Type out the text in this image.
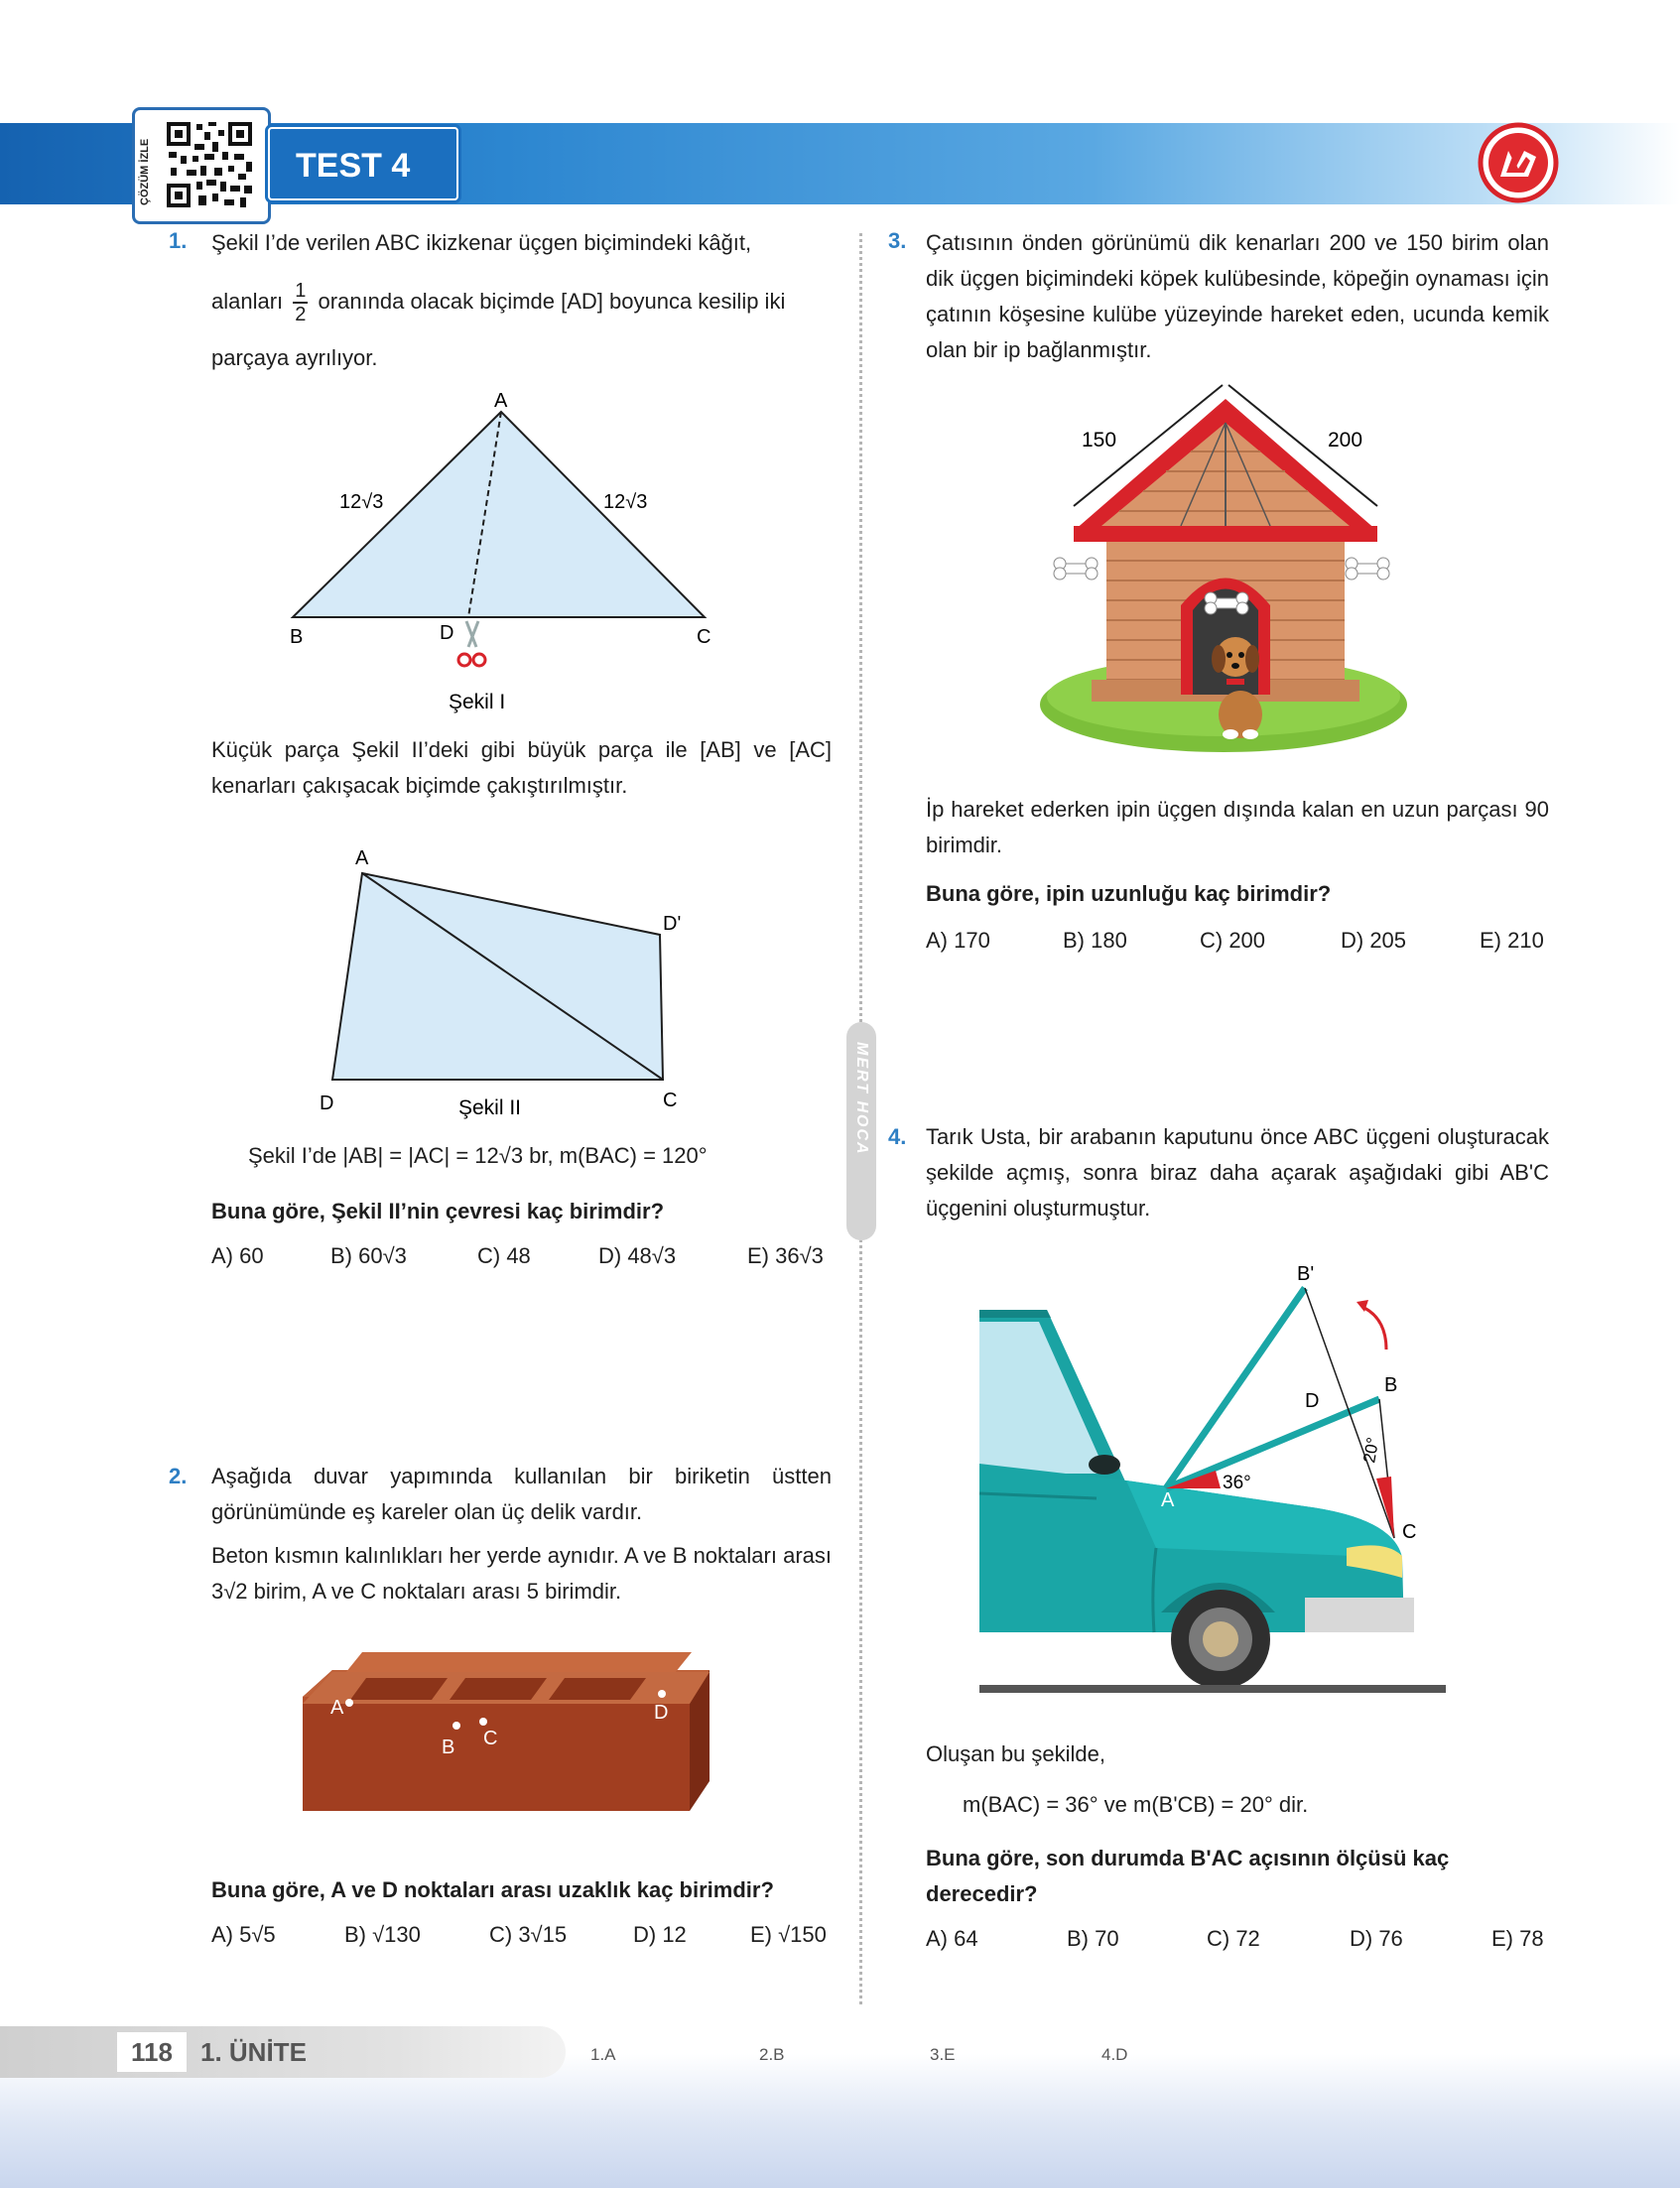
ÇÖZÜM İZLE	TEST 4
MERT HOCA
1. Şekil I’de verilen ABC ikizkenar üçgen biçimindeki kâğıt,
alanları $\frac{1}{2}$ oranında olacak biçimde [AD] boyunca kesilip iki
parçaya ayrılıyor.
A
B	C
D
12√3	12√3
Şekil I
Küçük parça Şekil II’deki gibi büyük parça ile [AB] ve [AC] kenarları çakışacak biçimde çakıştırılmıştır.
A
D'
C
D	Şekil II
Şekil I’de |AB| = |AC| = 12√3 br, m(BAC) = 120°
Buna göre, Şekil II’nin çevresi kaç birimdir?
A) 60	B) 60√3	C) 48	D) 48√3	E) 36√3
2. Aşağıda duvar yapımında kullanılan bir biriketin üstten görünümünde eş kareler olan üç delik vardır.
Beton kısmın kalınlıkları her yerde aynıdır. A ve B noktaları arası 3√2 birim, A ve C noktaları arası 5 birimdir.
A
B C
D
Buna göre, A ve D noktaları arası uzaklık kaç birimdir?
A) 5√5	B) √130	C) 3√15	D) 12	E) √150
3. Çatısının önden görünümü dik kenarları 200 ve 150 birim olan dik üçgen biçimindeki köpek kulübesinde, köpeğin oynaması için çatının köşesine kulübe yüzeyinde hareket eden, ucunda kemik olan bir ip bağlanmıştır.
150	200
İp hareket ederken ipin üçgen dışında kalan en uzun parçası 90 birimdir.
Buna göre, ipin uzunluğu kaç birimdir?
A) 170	B) 180	C) 200	D) 205	E) 210
4. Tarık Usta, bir arabanın kaputunu önce ABC üçgeni oluşturacak şekilde açmış, sonra biraz daha açarak aşağıdaki gibi AB'C üçgenini oluşturmuştur.
B'
B
D
A
C
36°
20°
Oluşan bu şekilde,
m(BAC) = 36° ve m(B'CB) = 20° dir.
Buna göre, son durumda B'AC açısının ölçüsü kaç derecedir?
A) 64	B) 70	C) 72	D) 76	E) 78
118	1. ÜNİTE	1.A	2.B	3.E	4.D
